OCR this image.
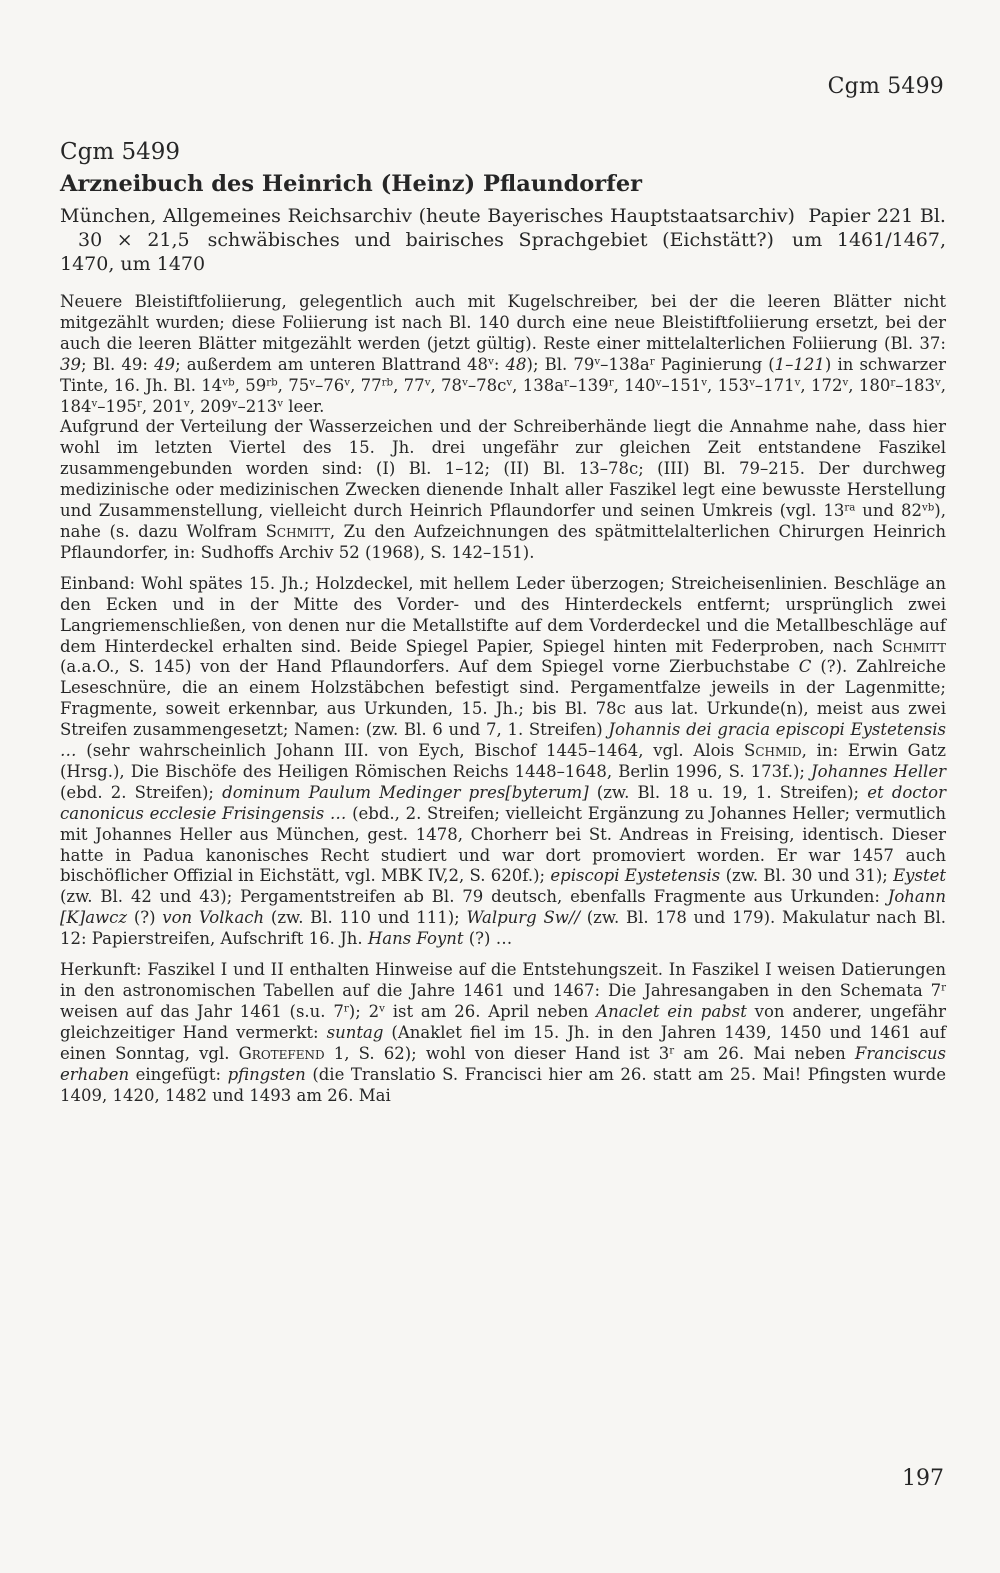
Cgm 5499
Cgm 5499
Arzneibuch des Heinrich (Heinz) Pflaundorfer
München, Allgemeines Reichsarchiv (heute Bayerisches Hauptstaatsarchiv) Papier 221 Bl.30 × 21,5 schwäbisches und bairisches Sprachgebiet (Eichstätt?) um 1461/1467, 1470, um 1470

Neuere Bleistiftfoliierung, gelegentlich auch mit Kugelschreiber, bei der die leeren Blätter nicht mitgezählt wurden; diese Foliierung ist nach Bl. 140 durch eine neue Bleistiftfoliierung ersetzt, bei der auch die leeren Blätter mitgezählt werden (jetzt gültig). Reste einer mittelalterlichen Foliierung (Bl. 37: 39; Bl. 49: 49; außerdem am unteren Blattrand 48$^v$: 48); Bl. $79^v-138a^r$ Paginierung (1–121) in schwarzer Tinte, 16. Jh. Bl. $14^{vb}$, $59^{rb}$, 75$^v$–76$^v$, $77^{rb}$, 77$^v$, $78^v-78c^v$, $138a^r-139^r$, 140$^v$–151$^v$, 153$^v$–171$^v$, 172$^v$, 180$^r$–183$^v$, 184$^v$–195$^r$, 201$^v$, 209$^v$–213$^v$ leer.

Aufgrund der Verteilung der Wasserzeichen und der Schreiberhände liegt die Annahme nahe, dass hier wohl im letzten Viertel des 15. Jh. drei ungefähr zur gleichen Zeit entstandene Faszikel zusammengebunden worden sind: (I) Bl. 1–12; (II) Bl. 13–78c; (III) Bl. 79–215. Der durchweg medizinische oder medizinischen Zwecken dienende Inhalt aller Faszikel legt eine bewusste Herstellung und Zusammenstellung, vielleicht durch Heinrich Pflaundorfer und seinen Umkreis (vgl. $13^{ra}$ und $82^{vb}$), nahe (s. dazu Wolfram Schmitt, Zu den Aufzeichnungen des spätmittelalterlichen Chirurgen Heinrich Pflaundorfer, in: Sudhoffs Archiv 52 (1968), S. 142–151).

Einband: Wohl spätes 15. Jh.; Holzdeckel, mit hellem Leder überzogen; Streicheisenlinien. Beschläge an den Ecken und in der Mitte des Vorder- und des Hinterdeckels entfernt; ursprünglich zwei Langriemenschließen, von denen nur die Metallstifte auf dem Vorderdeckel und die Metallbeschläge auf dem Hinterdeckel erhalten sind. Beide Spiegel Papier, Spiegel hinten mit Federproben, nach Schmitt (a.a.O., S. 145) von der Hand Pflaundorfers. Auf dem Spiegel vorne Zierbuchstabe C (?). Zahlreiche Leseschnüre, die an einem Holzstäbchen befestigt sind. Pergamentfalze jeweils in der Lagenmitte; Fragmente, soweit erkennbar, aus Urkunden, 15. Jh.; bis Bl. 78c aus lat. Urkunde(n), meist aus zwei Streifen zusammengesetzt; Namen: (zw. Bl. 6 und 7, 1. Streifen) Johannis dei gracia episcopi Eystetensis … (sehr wahrscheinlich Johann III. von Eych, Bischof 1445–1464, vgl. Alois Schmid, in: Erwin Gatz (Hrsg.), Die Bischöfe des Heiligen Römischen Reichs 1448–1648, Berlin 1996, S. 173f.); Johannes Heller (ebd. 2. Streifen); dominum Paulum Medinger pres[byterum] (zw. Bl. 18 u. 19, 1. Streifen); et doctor canonicus ecclesie Frisingensis … (ebd., 2. Streifen; vielleicht Ergänzung zu Johannes Heller; vermutlich mit Johannes Heller aus München, gest. 1478, Chorherr bei St. Andreas in Freising, identisch. Dieser hatte in Padua kanonisches Recht studiert und war dort promoviert worden. Er war 1457 auch bischöflicher Offizial in Eichstätt, vgl. MBK IV,2, S. 620f.); episcopi Eystetensis (zw. Bl. 30 und 31); Eystet (zw. Bl. 42 und 43); Pergamentstreifen ab Bl. 79 deutsch, ebenfalls Fragmente aus Urkunden: Johann [K]awcz (?) von Volkach (zw. Bl. 110 und 111); Walpurg Sw// (zw. Bl. 178 und 179). Makulatur nach Bl. 12: Papierstreifen, Aufschrift 16. Jh. Hans Foynt (?) …

Herkunft: Faszikel I und II enthalten Hinweise auf die Entstehungszeit. In Faszikel I weisen Datierungen in den astronomischen Tabellen auf die Jahre 1461 und 1467: Die Jahresangaben in den Schemata 7$^r$ weisen auf das Jahr 1461 (s.u. 7$^r$); 2$^v$ ist am 26. April neben Anaclet ein pabst von anderer, ungefähr gleichzeitiger Hand vermerkt: suntag (Anaklet fiel im 15. Jh. in den Jahren 1439, 1450 und 1461 auf einen Sonntag, vgl. Grotefend 1, S. 62); wohl von dieser Hand ist 3$^r$ am 26. Mai neben Franciscus erhaben eingefügt: pfingsten (die Translatio S. Francisci hier am 26. statt am 25. Mai! Pfingsten wurde 1409, 1420, 1482 und 1493 am 26. Mai

197
